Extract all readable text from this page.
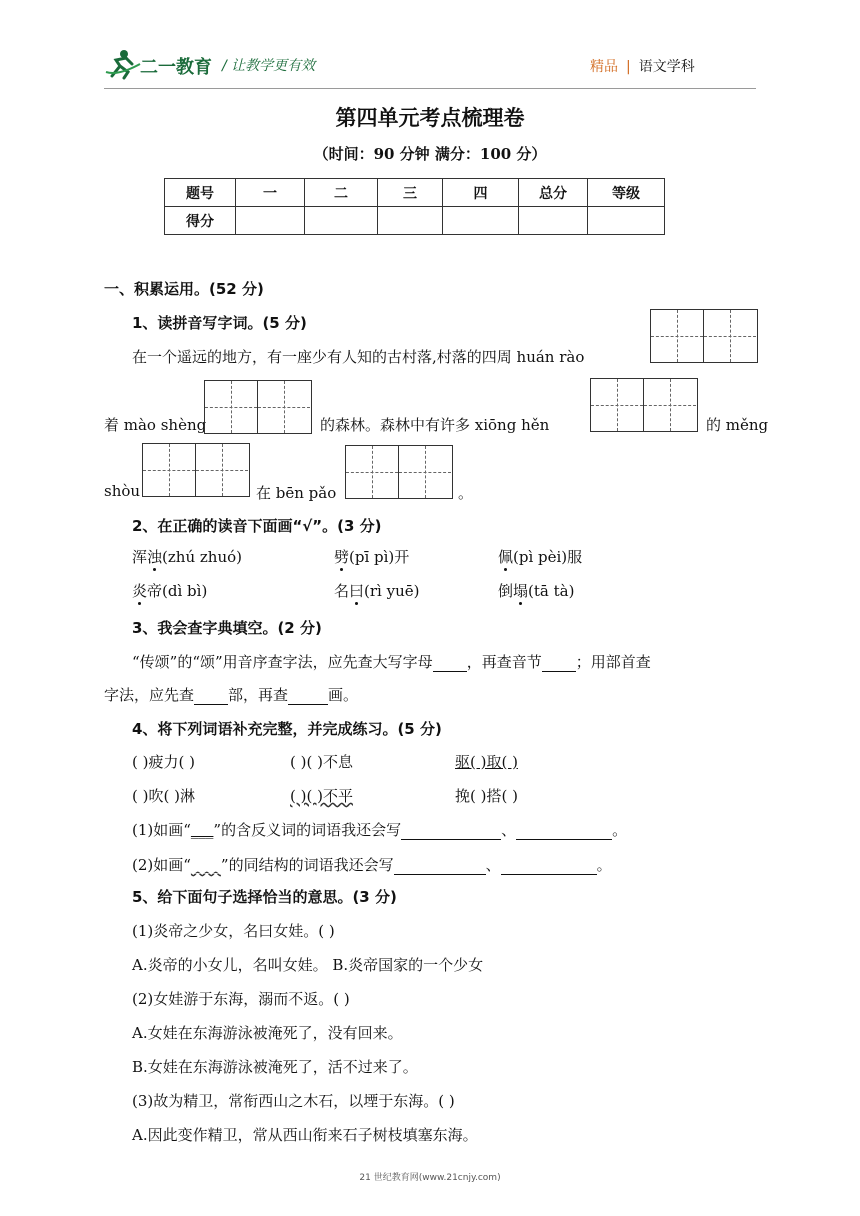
二一教育 / 让教学更有效	精品 | 语文学科
第四单元考点梳理卷
（时间：90 分钟 满分：100 分）
题号	一	二	三	四	总分	等级
得分						
一、积累运用。(52 分)
1、读拼音写字词。(5 分)
在一个遥远的地方，有一座少有人知的古村落,村落的四周 huán rào
着 mào shèng	的森林。森林中有许多 xiōng hěn	的 měng
shòu	在 bēn pǎo	。
2、在正确的读音下面画“√”。(3 分)
浑浊(zhú zhuó)	劈(pī pì)开	佩(pì pèi)服
炎帝(dì bì)	名曰(rì yuē)	倒塌(tā tà)
3、我会查字典填空。(2 分)
“传颂”的“颂”用音序查字法，应先查大写字母 ，再查音节 ；用部首查
字法，应先查 部，再查	画。
4、将下列词语补充完整，并完成练习。(5 分)
( )疲力( )	( )( )不息	驱( )取( )
( )吹( )淋	( )( )不平	挽( )搭( )
(1)如画“___”的含反义词的词语我还会写	、	。
(2)如画“____”的同结构的词语我还会写	、	。
5、给下面句子选择恰当的意思。(3 分)
(1)炎帝之少女，名曰女娃。( )
A.炎帝的小女儿，名叫女娃。 B.炎帝国家的一个少女
(2)女娃游于东海，溺而不返。( )
A.女娃在东海游泳被淹死了，没有回来。
B.女娃在东海游泳被淹死了，活不过来了。
(3)故为精卫，常衔西山之木石，以堙于东海。( )
A.因此变作精卫，常从西山衔来石子树枝填塞东海。
21 世纪教育网(www.21cnjy.com)
